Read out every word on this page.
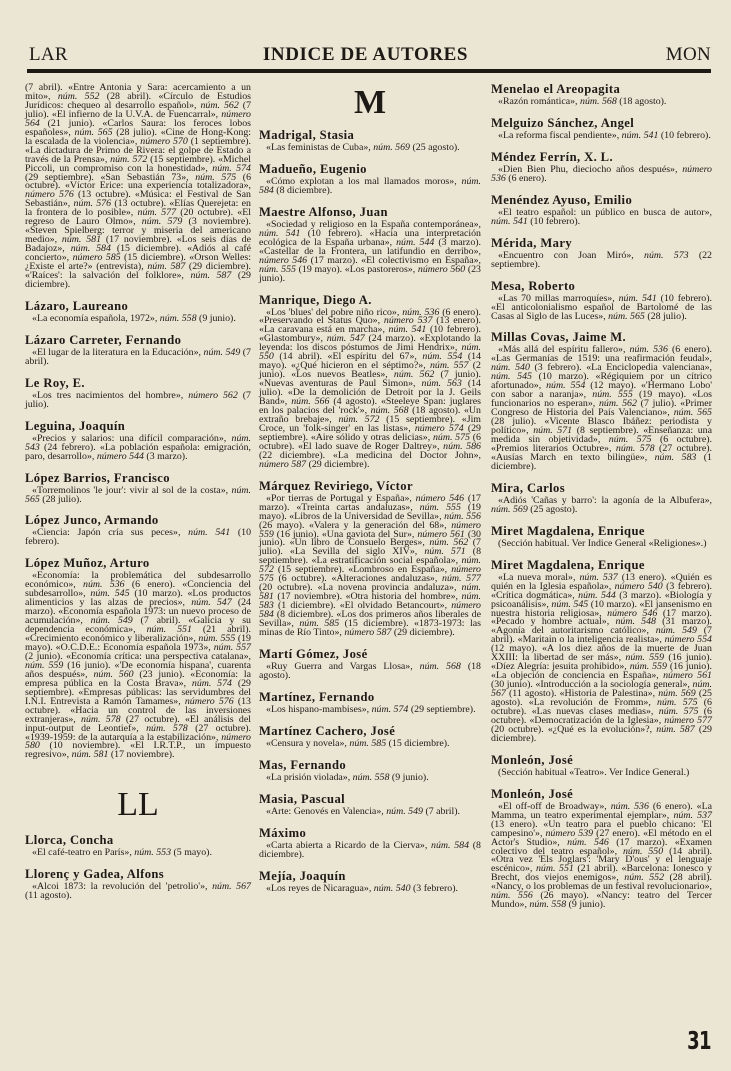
LAR	INDICE DE AUTORES	MON

(7 abril). «Entre Antonia y Sara: acercamiento a un mito», núm. 552 (28 abril). «Círculo de Estudios Jurídicos: chequeo al desarrollo español», núm. 562 (7 julio). «El infierno de la U.V.A. de Fuencarral», número 564 (21 junio). «Carlos Saura: los feroces lobos españoles», núm. 565 (28 julio). «Cine de Hong-Kong: la escalada de la violencia», número 570 (1 septiembre). «La dictadura de Primo de Rivera: el golpe de Estado a través de la Prensa», núm. 572 (15 septiembre). «Michel Piccoli, un compromiso con la honestidad», núm. 574 (29 septiembre). «San Sebastián 73», núm. 575 (6 octubre). «Víctor Erice: una experiencia totalizadora», número 576 (13 octubre). «Música: el Festival de San Sebastián», núm. 576 (13 octubre). «Elías Querejeta: en la frontera de lo posible», núm. 577 (20 octubre). «El regreso de Lauro Olmo», núm. 579 (3 noviembre). «Steven Spielberg: terror y miseria del americano medio», núm. 581 (17 noviembre). «Los seis días de Badajoz», núm. 584 (15 diciembre). «Adiós al café concierto», número 585 (15 diciembre). «Orson Welles: ¿Existe el arte?» (entrevista), núm. 587 (29 diciembre). «'Raíces': la salvación del folklore», núm. 587 (29 diciembre).

Lázaro, Laureano

«La economía española, 1972», núm. 558 (9 junio).

Lázaro Carreter, Fernando

«El lugar de la literatura en la Educación», núm. 549 (7 abril).

Le Roy, E.

«Los tres nacimientos del hombre», número 562 (7 julio).

Leguina, Joaquín

«Precios y salarios: una difícil comparación», núm. 543 (24 febrero). «La población española: emigración, paro, desarrollo», número 544 (3 marzo).

López Barrios, Francisco

«Torremolinos 'le jour': vivir al sol de la costa», núm. 565 (28 julio).

López Junco, Armando

«Ciencia: Japón cría sus peces», núm. 541 (10 febrero).

López Muñoz, Arturo

«Economía: la problemática del subdesarrollo económico», núm. 536 (6 enero). «Conciencia del subdesarrollo», núm. 545 (10 marzo). «Los productos alimenticios y las alzas de precios», núm. 547 (24 marzo). «Economía española 1973: un nuevo proceso de acumulación», núm. 549 (7 abril). «Galicia y su dependencia económica», núm. 551 (21 abril). «Crecimiento económico y liberalización», núm. 555 (19 mayo). «O.C.D.E.: Economía española 1973», núm. 557 (2 junio). «Economía crítica: una perspectiva catalana», núm. 559 (16 junio). «'De economía hispana', cuarenta años después», núm. 560 (23 junio). «Economía: la empresa pública en la Costa Brava», núm. 574 (29 septiembre). «Empresas públicas: las servidumbres del I.N.I. Entrevista a Ramón Tamames», número 576 (13 octubre). «Hacia un control de las inversiones extranjeras», núm. 578 (27 octubre). «El análisis del input-output de Leontief», núm. 578 (27 octubre). «1939-1959: de la autarquía a la estabilización», número 580 (10 noviembre). «El I.R.T.P., un impuesto regresivo», núm. 581 (17 noviembre).

LL
Llorca, Concha

«El café-teatro en París», núm. 553 (5 mayo).

Llorenç y Gadea, Alfons

«Alcoi 1873: la revolución del 'petrolio'», núm. 567 (11 agosto).

M
Madrigal, Stasia

«Las feministas de Cuba», núm. 569 (25 agosto).

Madueño, Eugenio

«Cómo explotan a los mal llamados moros», núm. 584 (8 diciembre).

Maestre Alfonso, Juan

«Sociedad y religioso en la España contemporánea», núm. 541 (10 febrero). «Hacia una interpretación ecológica de la España urbana», núm. 544 (3 marzo). «Castellar de la Frontera, un latifundio en derribo», número 546 (17 marzo). «El colectivismo en España», núm. 555 (19 mayo). «Los pastoreros», número 560 (23 junio).

Manrique, Diego A.

«Los 'blues' del pobre niño rico», núm. 536 (6 enero). «Preservando el Status Quo», número 537 (13 enero). «La caravana está en marcha», núm. 541 (10 febrero). «Glastombury», núm. 547 (24 marzo). «Explotando la leyenda: los discos póstumos de Jimi Hendrix», núm. 550 (14 abril). «El espíritu del 67», núm. 554 (14 mayo). «¿Qué hicieron en el séptimo?», núm. 557 (2 junio). «Los nuevos Beatles», núm. 562 (7 junio). «Nuevas aventuras de Paul Simon», núm. 563 (14 julio). «De la demolición de Detroit por la J. Geils Band», núm. 566 (4 agosto). «Steeleye Span: juglares en los palacios del 'rock'», núm. 568 (18 agosto). «Un extraño brebaje», núm. 572 (15 septiembre). «Jim Croce, un 'folk-singer' en las listas», número 574 (29 septiembre). «Aire sólido y otras delicias», núm. 575 (6 octubre). «El lado suave de Roger Daltrey», núm. 586 (22 diciembre). «La medicina del Doctor John», número 587 (29 diciembre).

Márquez Reviriego, Víctor

«Por tierras de Portugal y España», número 546 (17 marzo). «Treinta cartas andaluzas», núm. 555 (19 mayo). «Libros de la Universidad de Sevilla», núm. 556 (26 mayo). «Valera y la generación del 68», número 559 (16 junio). «Una gaviota del Sur», número 561 (30 junio). «Un libro de Consuelo Berges», núm. 562 (7 julio). «La Sevilla del siglo XIV», núm. 571 (8 septiembre). «La estratificación social española», núm. 572 (15 septiembre). «Lombroso en España», número 575 (6 octubre). «Alteraciones andaluzas», núm. 577 (20 octubre). «La novena provincia andaluza», núm. 581 (17 noviembre). «Otra historia del hombre», núm. 583 (1 diciembre). «El olvidado Betancourt», número 584 (8 diciembre). «Los dos primeros años liberales de Sevilla», núm. 585 (15 diciembre). «1873-1973: las minas de Río Tinto», número 587 (29 diciembre).

Martí Gómez, José

«Ruy Guerra and Vargas Llosa», núm. 568 (18 agosto).

Martínez, Fernando

«Los hispano-mambises», núm. 574 (29 septiembre).

Martínez Cachero, José

«Censura y novela», núm. 585 (15 diciembre).

Mas, Fernando

«La prisión violada», núm. 558 (9 junio).

Masia, Pascual

«Arte: Genovés en Valencia», núm. 549 (7 abril).

Máximo

«Carta abierta a Ricardo de la Cierva», núm. 584 (8 diciembre).

Mejía, Joaquín

«Los reyes de Nicaragua», núm. 540 (3 febrero).

Menelao el Areopagita

«Razón romántica», núm. 568 (18 agosto).

Melguizo Sánchez, Angel

«La reforma fiscal pendiente», núm. 541 (10 febrero).

Méndez Ferrín, X. L.

«Dien Bien Phu, dieciocho años después», número 536 (6 enero).

Menéndez Ayuso, Emilio

«El teatro español: un público en busca de autor», núm. 541 (10 febrero).

Mérida, Mary

«Encuentro con Joan Miró», núm. 573 (22 septiembre).

Mesa, Roberto

«Las 70 millas marroquíes», núm. 541 (10 febrero). «El anticolonialismo español de Bartolomé de las Casas al Siglo de las Luces», núm. 565 (28 julio).

Millas Covas, Jaime M.

«Más allá del espíritu fallero», núm. 536 (6 enero). «Las Germanías de 1519: una reafirmación feudal», núm. 540 (3 febrero). «La Enciclopedia valenciana», núm. 545 (10 marzo). «Régiquiem por un cítrico afortunado», núm. 554 (12 mayo). «'Hermano Lobo' con sabor a naranja», núm. 555 (19 mayo). «Los funcionarios no esperan», núm. 562 (7 julio). «Primer Congreso de Historia del País Valenciano», núm. 565 (28 julio). «Vicente Blasco Ibáñez: periodista y político», núm. 571 (8 septiembre). «Enseñanza: una medida sin objetividad», núm. 575 (6 octubre). «Premios literarios Octubre», núm. 578 (27 octubre). «Ausías March en texto bilingüe», núm. 583 (1 diciembre).

Mira, Carlos

«Adiós 'Cañas y barro': la agonía de la Albufera», núm. 569 (25 agosto).

Miret Magdalena, Enrique

(Sección habitual. Ver Indice General «Religiones».)

Miret Magdalena, Enrique

«La nueva moral», núm. 537 (13 enero). «Quién es quién en la Iglesia española», número 540 (3 febrero). «Crítica dogmática», núm. 544 (3 marzo). «Biología y psicoanálisis», núm. 545 (10 marzo). «El jansenismo en nuestra historia religiosa», número 546 (17 marzo). «Pecado y hombre actual», núm. 548 (31 marzo). «Agonía del autoritarismo católico», núm. 549 (7 abril). «Maritain o la inteligencia realista», número 554 (12 mayo). «A los diez años de la muerte de Juan XXIII: la libertad de ser más», núm. 559 (16 junio). «Díez Alegría: jesuita prohibido», núm. 559 (16 junio). «La objeción de conciencia en España», número 561 (30 junio). «Introducción a la sociología general», núm. 567 (11 agosto). «Historia de Palestina», núm. 569 (25 agosto). «La revolución de Fromm», núm. 575 (6 octubre). «Las nuevas clases medias», núm. 575 (6 octubre). «Democratización de la Iglesia», número 577 (20 octubre). «¿Qué es la evolución»?, núm. 587 (29 diciembre).

Monleón, José

(Sección habitual «Teatro». Ver Indice General.)

Monleón, José

«El off-off de Broadway», núm. 536 (6 enero). «La Mamma, un teatro experimental ejemplar», núm. 537 (13 enero). «Un teatro para el pueblo chicano: 'El campesino'», número 539 (27 enero). «El método en el Actor's Studio», núm. 546 (17 marzo). «Examen colectivo del teatro español», núm. 550 (14 abril). «Otra vez 'Els Joglars': 'Mary D'ous' y el lenguaje escénico», núm. 551 (21 abril). «Barcelona: Ionesco y Brecht, dos viejos enemigos», núm. 552 (28 abril). «Nancy, o los problemas de un festival revolucionario», núm. 556 (26 mayo). «Nancy: teatro del Tercer Mundo», núm. 558 (9 junio).

31
